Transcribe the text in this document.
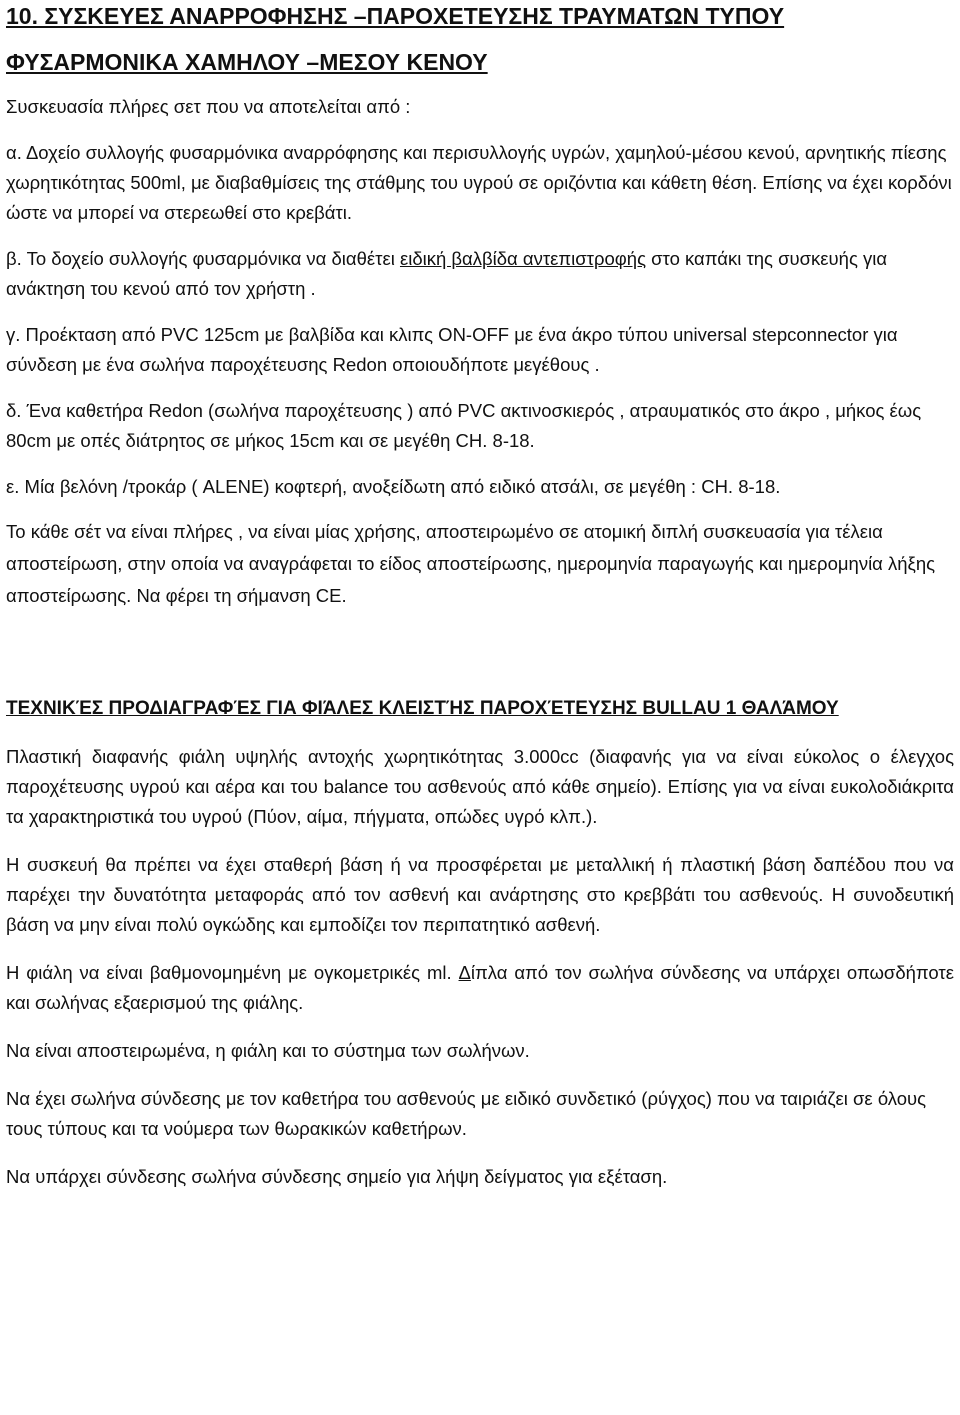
10. ΣΥΣΚΕΥΕΣ ΑΝΑΡΡΟΦΗΣΗΣ –ΠΑΡΟΧΕΤΕΥΣΗΣ ΤΡΑΥΜΑΤΩΝ ΤΥΠΟΥ
ΦΥΣΑΡΜΟΝΙΚΑ ΧΑΜΗΛΟΥ –ΜΕΣΟΥ ΚΕΝΟΥ

Συσκευασία πλήρες σετ που να αποτελείται από :

α. Δοχείο συλλογής φυσαρμόνικα αναρρόφησης και περισυλλογής υγρών, χαμηλού-μέσου κενού, αρνητικής πίεσης χωρητικότητας 500ml, με διαβαθμίσεις της στάθμης του υγρού σε οριζόντια και κάθετη θέση. Επίσης να έχει κορδόνι ώστε να μπορεί να στερεωθεί στο κρεβάτι.

β. Το δοχείο συλλογής φυσαρμόνικα να διαθέτει ειδική βαλβίδα αντεπιστροφής στο καπάκι της συσκευής για ανάκτηση του κενού από τον χρήστη .

γ. Προέκταση από PVC 125cm με βαλβίδα και κλιπς ON-OFF με ένα άκρο τύπου universal stepconnector για σύνδεση με ένα σωλήνα παροχέτευσης Redon οποιουδήποτε μεγέθους .

δ. Ένα καθετήρα Redon (σωλήνα παροχέτευσης ) από PVC ακτινοσκιερός , ατραυματικός στο άκρο , μήκος έως 80cm με οπές διάτρητος σε μήκος 15cm και σε μεγέθη CH. 8-18.

ε. Μία βελόνη /τροκάρ ( ALENE) κοφτερή, ανοξείδωτη από ειδικό ατσάλι, σε μεγέθη : CH. 8-18.

Το κάθε σέτ να είναι πλήρες , να είναι μίας χρήσης, αποστειρωμένο σε ατομική διπλή συσκευασία για τέλεια αποστείρωση, στην οποία να αναγράφεται το είδος αποστείρωσης, ημερομηνία παραγωγής και ημερομηνία λήξης αποστείρωσης. Να φέρει τη σήμανση CE.

ΤΕΧΝΙΚΈΣ ΠΡΟΔΙΑΓΡΑΦΈΣ ΓΙΑ ΦΙΆΛΕΣ ΚΛΕΙΣΤΉΣ ΠΑΡΟΧΈΤΕΥΣΗΣ BULLAU 1 ΘΑΛΆΜΟΥ

Πλαστική διαφανής φιάλη υψηλής αντοχής χωρητικότητας 3.000cc (διαφανής για να είναι εύκολος ο έλεγχος παροχέτευσης υγρού και αέρα και του balance του ασθενούς από κάθε σημείο). Επίσης για να είναι ευκολοδιάκριτα τα χαρακτηριστικά του υγρού (Πύον, αίμα, πήγματα, οπώδες υγρό κλπ.).

Η συσκευή θα πρέπει να έχει σταθερή βάση ή να προσφέρεται με μεταλλική ή πλαστική βάση δαπέδου που να παρέχει την δυνατότητα μεταφοράς από τον ασθενή και ανάρτησης στο κρεββάτι του ασθενούς. Η συνοδευτική βάση να μην είναι πολύ ογκώδης και εμποδίζει τον περιπατητικό ασθενή.

Η φιάλη να είναι βαθμονομημένη με ογκομετρικές ml. Δίπλα από τον σωλήνα σύνδεσης να υπάρχει οπωσδήποτε και σωλήνας εξαερισμού της φιάλης.

Να είναι αποστειρωμένα, η φιάλη και το σύστημα των σωλήνων.

Να έχει σωλήνα σύνδεσης με τον καθετήρα του ασθενούς με ειδικό συνδετικό (ρύγχος) που να ταιριάζει σε όλους τους τύπους και τα νούμερα των θωρακικών καθετήρων.

Να υπάρχει σύνδεσης σωλήνα σύνδεσης σημείο για λήψη δείγματος για εξέταση.
